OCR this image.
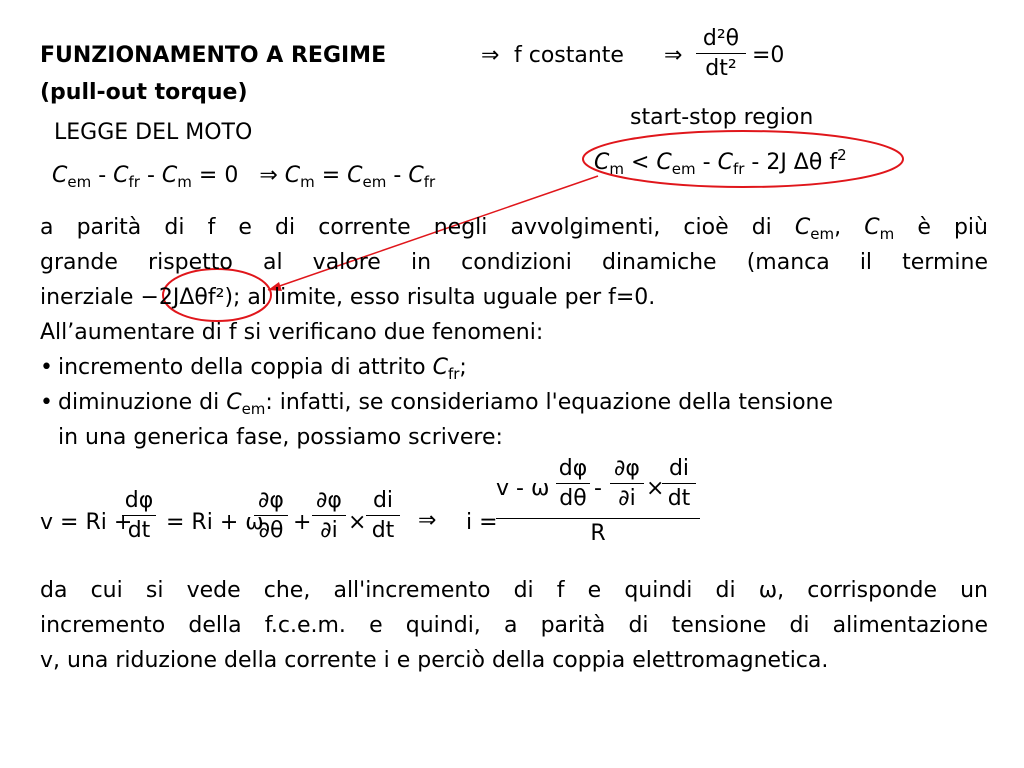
FUNZIONAMENTO A REGIME	⇒ f costante ⇒
d²θ
dt²
=0
(pull-out torque)
start-stop region
LEGGE DEL MOTO
$C_{em} - C_{fr} - C_m = 0$   ⇒ $C_m = C_{em} - C_{fr}$
$C_m < C_{em} - C_{fr} - 2J$ Δθ $f^2$
a parità di f e di corrente negli avvolgimenti, cioè di $C_{em}$, $C_m$ è più
grande rispetto al valore in condizioni dinamiche (manca il termine
inerziale −2JΔθf²); al limite, esso risulta uguale per f=0.
All’aumentare di f si verificano due fenomeni:
• incremento della coppia di attrito $C_{fr}$;
• diminuzione di $C_{em}$: infatti, se consideriamo l'equazione della tensione
in una generica fase, possiamo scrivere:
v = Ri +
dφ
dt = Ri + ω
∂φ
∂θ +
∂φ
∂i ×
di
dt ⇒ i =
v - ω
dφ
dθ -
∂φ
∂i ×
di
dt
R
da cui si vede che, all'incremento di f e quindi di ω, corrisponde un
incremento della f.c.e.m. e quindi, a parità di tensione di alimentazione
v, una riduzione della corrente i e perciò della coppia elettromagnetica.
